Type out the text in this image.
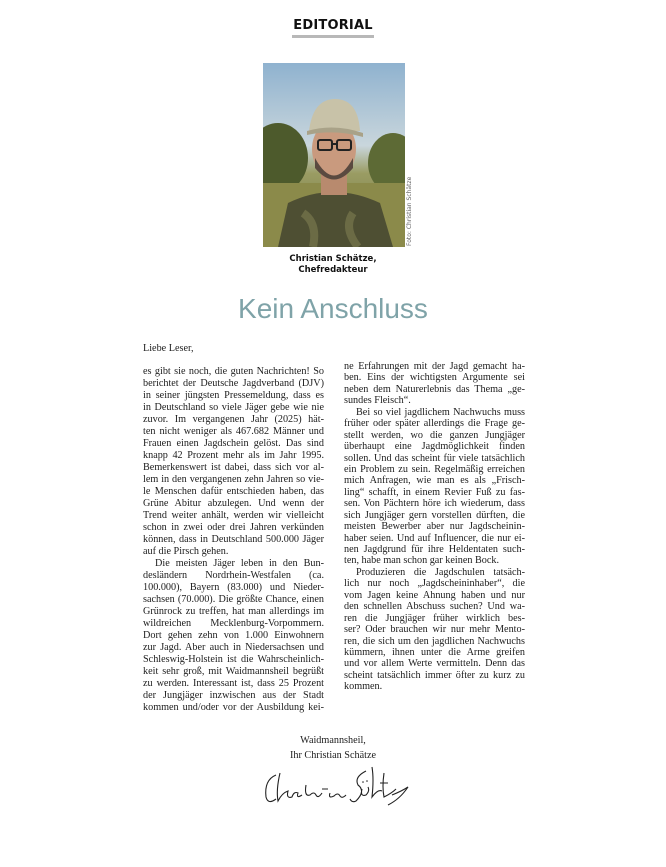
EDITORIAL
Foto: Christian Schätze
Christian Schätze,
Chefredakteur
Kein Anschluss
Liebe Leser,
es gibt sie noch, die guten Nachrichten! So
berichtet der Deutsche Jagdverband (DJV)
in seiner jüngsten Pressemeldung, dass es
in Deutschland so viele Jäger gebe wie nie
zuvor. Im vergangenen Jahr (2025) hät-
ten nicht weniger als 467.682 Männer und
Frauen einen Jagdschein gelöst. Das sind
knapp 42 Prozent mehr als im Jahr 1995.
Bemerkenswert ist dabei, dass sich vor al-
lem in den vergangenen zehn Jahren so vie-
le Menschen dafür entschieden haben, das
Grüne Abitur abzulegen. Und wenn der
Trend weiter anhält, werden wir vielleicht
schon in zwei oder drei Jahren verkünden
können, dass in Deutschland 500.000 Jäger
auf die Pirsch gehen.
Die meisten Jäger leben in den Bun-
desländern Nordrhein-Westfalen (ca.
100.000), Bayern (83.000) und Nieder-
sachsen (70.000). Die größte Chance, einen
Grünrock zu treffen, hat man allerdings im
wildreichen Mecklenburg-Vorpommern.
Dort gehen zehn von 1.000 Einwohnern
zur Jagd. Aber auch in Niedersachsen und
Schleswig-Holstein ist die Wahrscheinlich-
keit sehr groß, mit Waidmannsheil begrüßt
zu werden. Interessant ist, dass 25 Prozent
der Jungjäger inzwischen aus der Stadt
kommen und/oder vor der Ausbildung kei-
ne Erfahrungen mit der Jagd gemacht ha-
ben. Eins der wichtigsten Argumente sei
neben dem Naturerlebnis das Thema „ge-
sundes Fleisch“.
Bei so viel jagdlichem Nachwuchs muss
früher oder später allerdings die Frage ge-
stellt werden, wo die ganzen Jungjäger
überhaupt eine Jagdmöglichkeit finden
sollen. Und das scheint für viele tatsächlich
ein Problem zu sein. Regelmäßig erreichen
mich Anfragen, wie man es als „Frisch-
ling“ schafft, in einem Revier Fuß zu fas-
sen. Von Pächtern höre ich wiederum, dass
sich Jungjäger gern vorstellen dürften, die
meisten Bewerber aber nur Jagdscheinin-
haber seien. Und auf Influencer, die nur ei-
nen Jagdgrund für ihre Heldentaten such-
ten, habe man schon gar keinen Bock.
Produzieren die Jagdschulen tatsäch-
lich nur noch „Jagdscheininhaber“, die
vom Jagen keine Ahnung haben und nur
den schnellen Abschuss suchen? Und wa-
ren die Jungjäger früher wirklich bes-
ser? Oder brauchen wir nur mehr Mento-
ren, die sich um den jagdlichen Nachwuchs
kümmern, ihnen unter die Arme greifen
und vor allem Werte vermitteln. Denn das
scheint tatsächlich immer öfter zu kurz zu
kommen.
Waidmannsheil,
Ihr Christian Schätze
